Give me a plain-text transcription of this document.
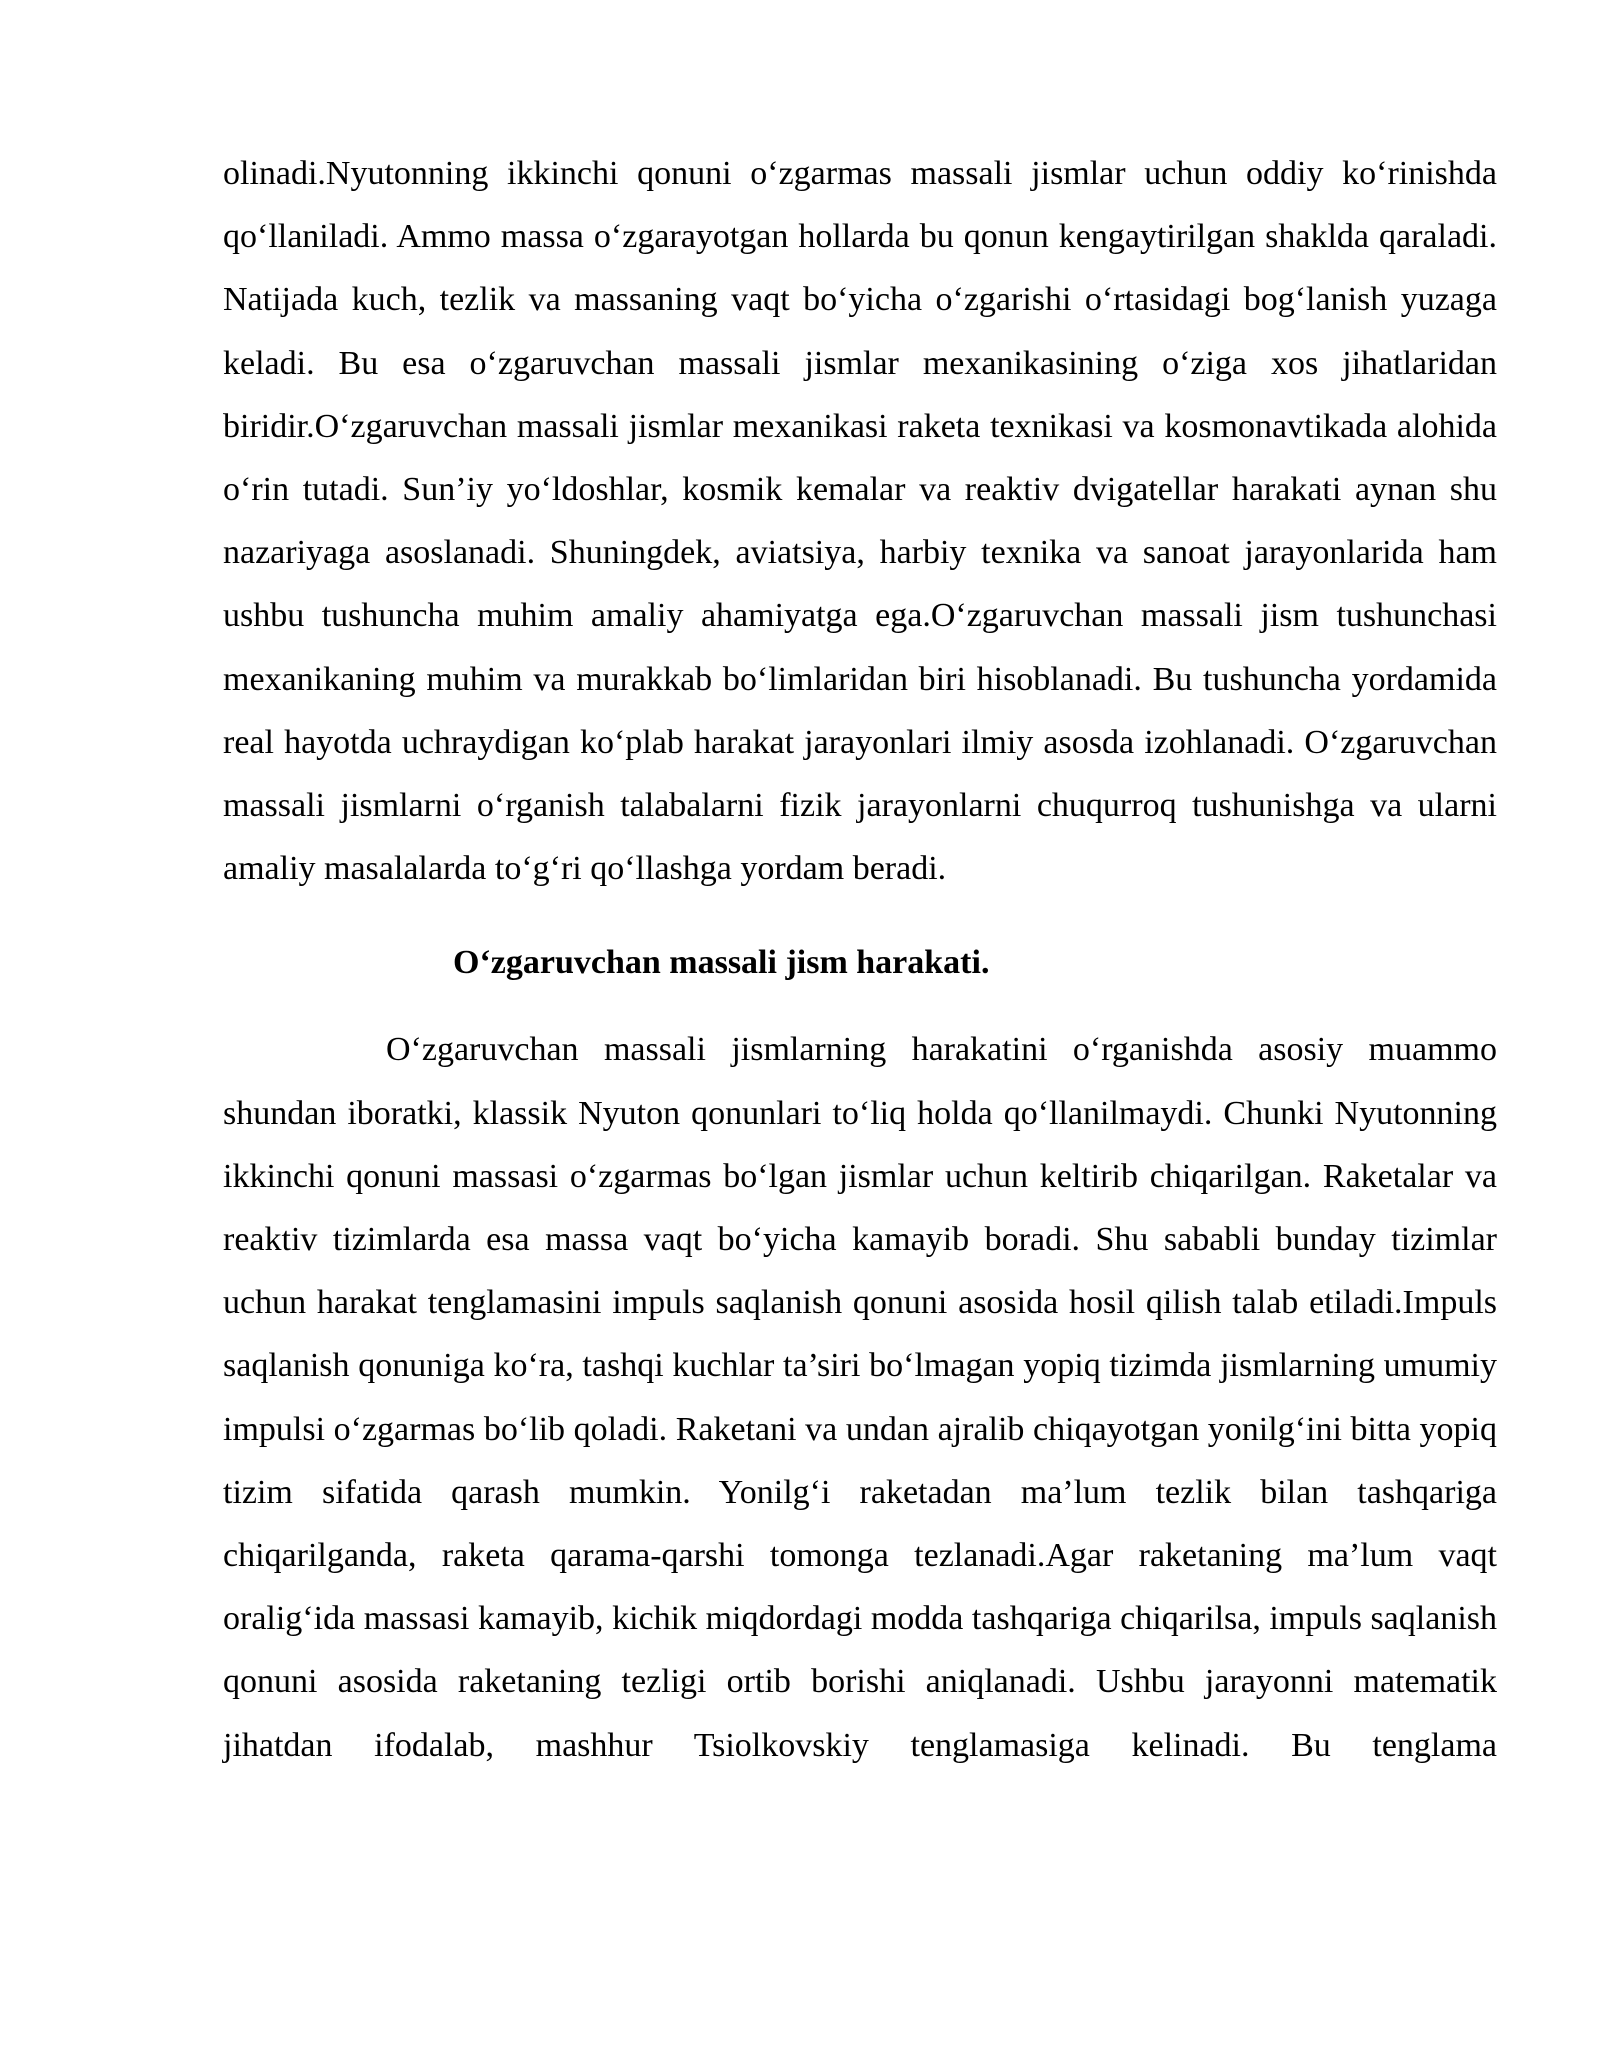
olinadi.Nyutonning ikkinchi qonuni o‘zgarmas massali jismlar uchun oddiy ko‘rinishda qo‘llaniladi. Ammo massa o‘zgarayotgan hollarda bu qonun kengaytirilgan shaklda qaraladi. Natijada kuch, tezlik va massaning vaqt bo‘yicha o‘zgarishi o‘rtasidagi bog‘lanish yuzaga keladi. Bu esa o‘zgaruvchan massali jismlar mexanikasining o‘ziga xos jihatlaridan biridir.O‘zgaruvchan massali jismlar mexanikasi raketa texnikasi va kosmonavtikada alohida o‘rin tutadi. Sun’iy yo‘ldoshlar, kosmik kemalar va reaktiv dvigatellar harakati aynan shu nazariyaga asoslanadi. Shuningdek, aviatsiya, harbiy texnika va sanoat jarayonlarida ham ushbu tushuncha muhim amaliy ahamiyatga ega.O‘zgaruvchan massali jism tushunchasi mexanikaning muhim va murakkab bo‘limlaridan biri hisoblanadi. Bu tushuncha yordamida real hayotda uchraydigan ko‘plab harakat jarayonlari ilmiy asosda izohlanadi. O‘zgaruvchan massali jismlarni o‘rganish talabalarni fizik jarayonlarni chuqurroq tushunishga va ularni amaliy masalalarda to‘g‘ri qo‘llashga yordam beradi.

O‘zgaruvchan massali jism harakati.

O‘zgaruvchan massali jismlarning harakatini o‘rganishda asosiy muammo shundan iboratki, klassik Nyuton qonunlari to‘liq holda qo‘llanilmaydi. Chunki Nyutonning ikkinchi qonuni massasi o‘zgarmas bo‘lgan jismlar uchun keltirib chiqarilgan. Raketalar va reaktiv tizimlarda esa massa vaqt bo‘yicha kamayib boradi. Shu sababli bunday tizimlar uchun harakat tenglamasini impuls saqlanish qonuni asosida hosil qilish talab etiladi.Impuls saqlanish qonuniga ko‘ra, tashqi kuchlar ta’siri bo‘lmagan yopiq tizimda jismlarning umumiy impulsi o‘zgarmas bo‘lib qoladi. Raketani va undan ajralib chiqayotgan yonilg‘ini bitta yopiq tizim sifatida qarash mumkin. Yonilg‘i raketadan ma’lum tezlik bilan tashqariga chiqarilganda, raketa qarama-qarshi tomonga tezlanadi.Agar raketaning ma’lum vaqt oralig‘ida massasi kamayib, kichik miqdordagi modda tashqariga chiqarilsa, impuls saqlanish qonuni asosida raketaning tezligi ortib borishi aniqlanadi. Ushbu jarayonni matematik jihatdan ifodalab, mashhur Tsiolkovskiy tenglamasiga kelinadi. Bu tenglama
